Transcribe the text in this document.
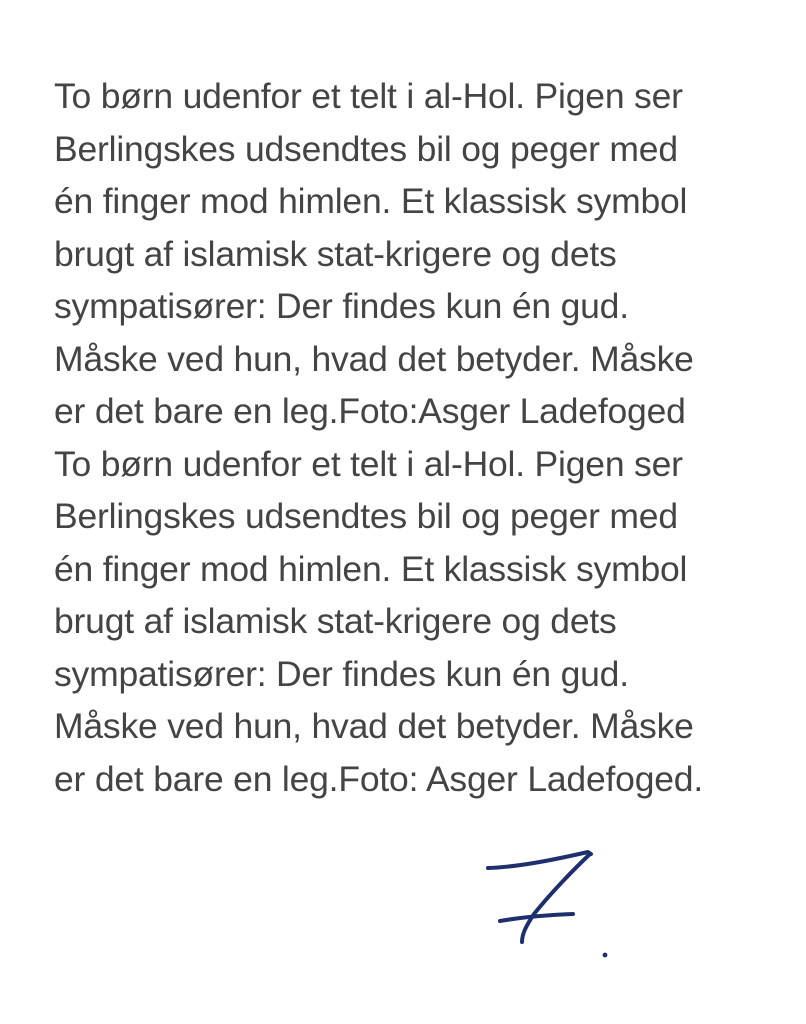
To børn udenfor et telt i al-Hol. Pigen ser
Berlingskes udsendtes bil og peger med
én finger mod himlen. Et klassisk symbol
brugt af islamisk stat-krigere og dets
sympatisører: Der findes kun én gud.
Måske ved hun, hvad det betyder. Måske
er det bare en leg.Foto:Asger Ladefoged
To børn udenfor et telt i al-Hol. Pigen ser
Berlingskes udsendtes bil og peger med
én finger mod himlen. Et klassisk symbol
brugt af islamisk stat-krigere og dets
sympatisører: Der findes kun én gud.
Måske ved hun, hvad det betyder. Måske
er det bare en leg.Foto: Asger Ladefoged.
